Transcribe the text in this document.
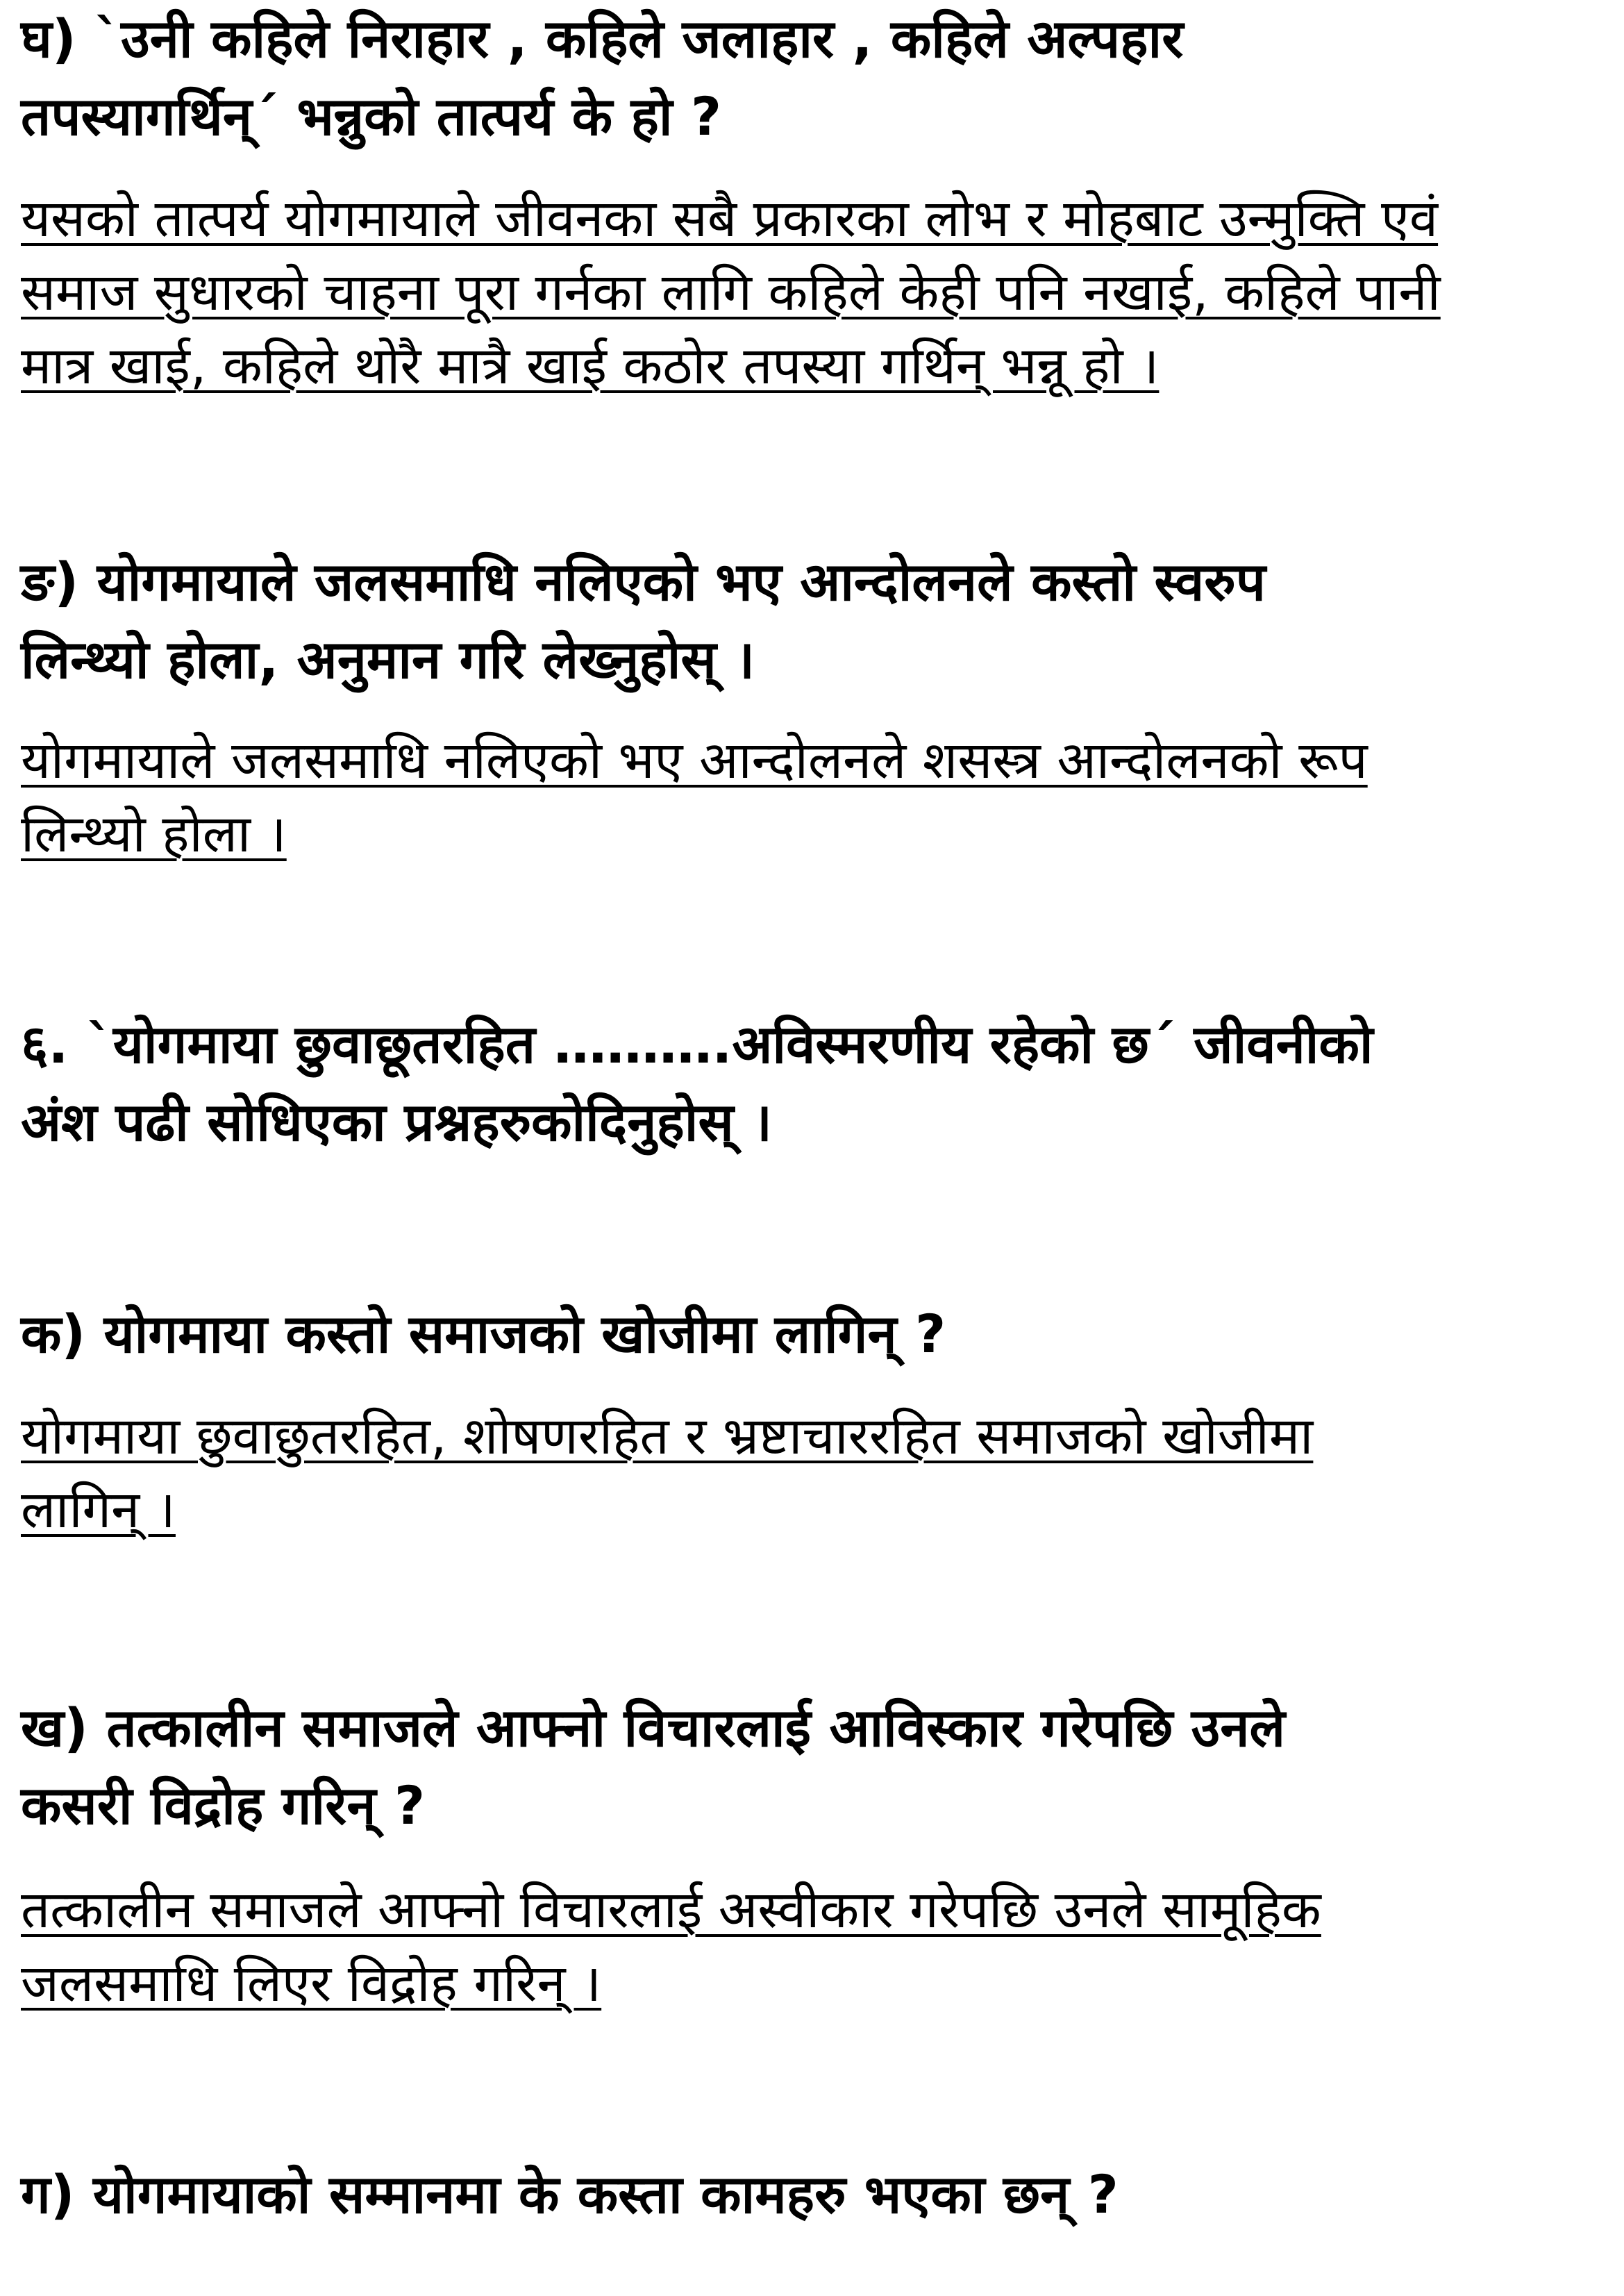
घ) `उनी कहिले निराहार , कहिले जलाहार , कहिले अल्पहार
तपस्यागर्थिन्´ भन्नुको तात्पर्य के हो ?
यसको तात्पर्य योगमायाले जीवनका सबै प्रकारका लोभ र मोहबाट उन्मुक्ति एवं
समाज सुधारको चाहना पूरा गर्नका लागि कहिले केही पनि नखाई, कहिले पानी
मात्र खाई, कहिले थोरै मात्रै खाई कठोर तपस्या गर्थिन् भन्नू हो ।
ङ) योगमायाले जलसमाधि नलिएको भए आन्दोलनले कस्तो स्वरुप
लिन्थ्यो होला, अनुमान गरि लेख्नुहोस् ।
योगमायाले जलसमाधि नलिएको भए आन्दोलनले शसस्त्र आन्दोलनको रूप
लिन्थ्यो होला ।
६. `योगमाया छुवाछूतरहित ……….अविस्मरणीय रहेको छ´ जीवनीको
अंश पढी सोधिएका प्रश्नहरुकोदिनुहोस् ।
क) योगमाया कस्तो समाजको खोजीमा लागिन् ?
योगमाया छुवाछुतरहित, शोषणरहित र भ्रष्टाचाररहित समाजको खोजीमा
लागिन् ।
ख) तत्कालीन समाजले आफ्नो विचारलाई आविस्कार गरेपछि उनले
कसरी विद्रोह गरिन् ?
तत्कालीन समाजले आफ्नो विचारलाई अस्वीकार गरेपछि उनले सामूहिक
जलसमाधि लिएर विद्रोह गरिन् ।
ग) योगमायाको सम्मानमा के कस्ता कामहरु भएका छन् ?
